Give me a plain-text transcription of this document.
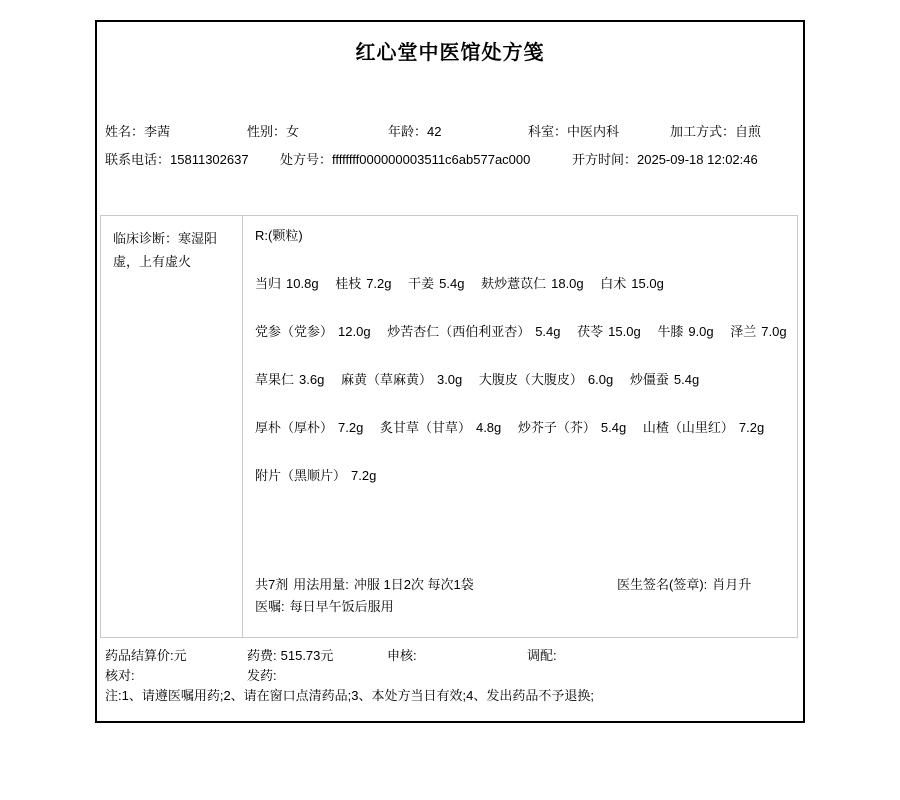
红心堂中医馆处方笺
姓名：李茜	性别：女	年龄：42	科室：中医内科	加工方式：自煎
联系电话：15811302637	处方号：ffffffff000000003511c6ab577ac000	开方时间：2025-09-18 12:02:46
临床诊断：寒湿阳虚，上有虚火
R:(颗粒)
当归 10.8g 桂枝 7.2g 干姜 5.4g 麸炒薏苡仁 18.0g 白术 15.0g
党参（党参） 12.0g 炒苦杏仁（西伯利亚杏） 5.4g 茯苓 15.0g 牛膝 9.0g 泽兰 7.0g
草果仁 3.6g 麻黄（草麻黄） 3.0g 大腹皮（大腹皮） 6.0g 炒僵蚕 5.4g
厚朴（厚朴） 7.2g 炙甘草（甘草） 4.8g 炒芥子（芥） 5.4g 山楂（山里红） 7.2g
附片（黑顺片） 7.2g
共7剂 用法用量: 冲服 1日2次 每次1袋
医嘱: 每日早午饭后服用
医生签名(签章): 肖月升
药品结算价:元	药费: 515.73元	申核:	调配:
核对:	发药:
注:1、请遵医嘱用药;2、请在窗口点清药品;3、本处方当日有效;4、发出药品不予退换;
